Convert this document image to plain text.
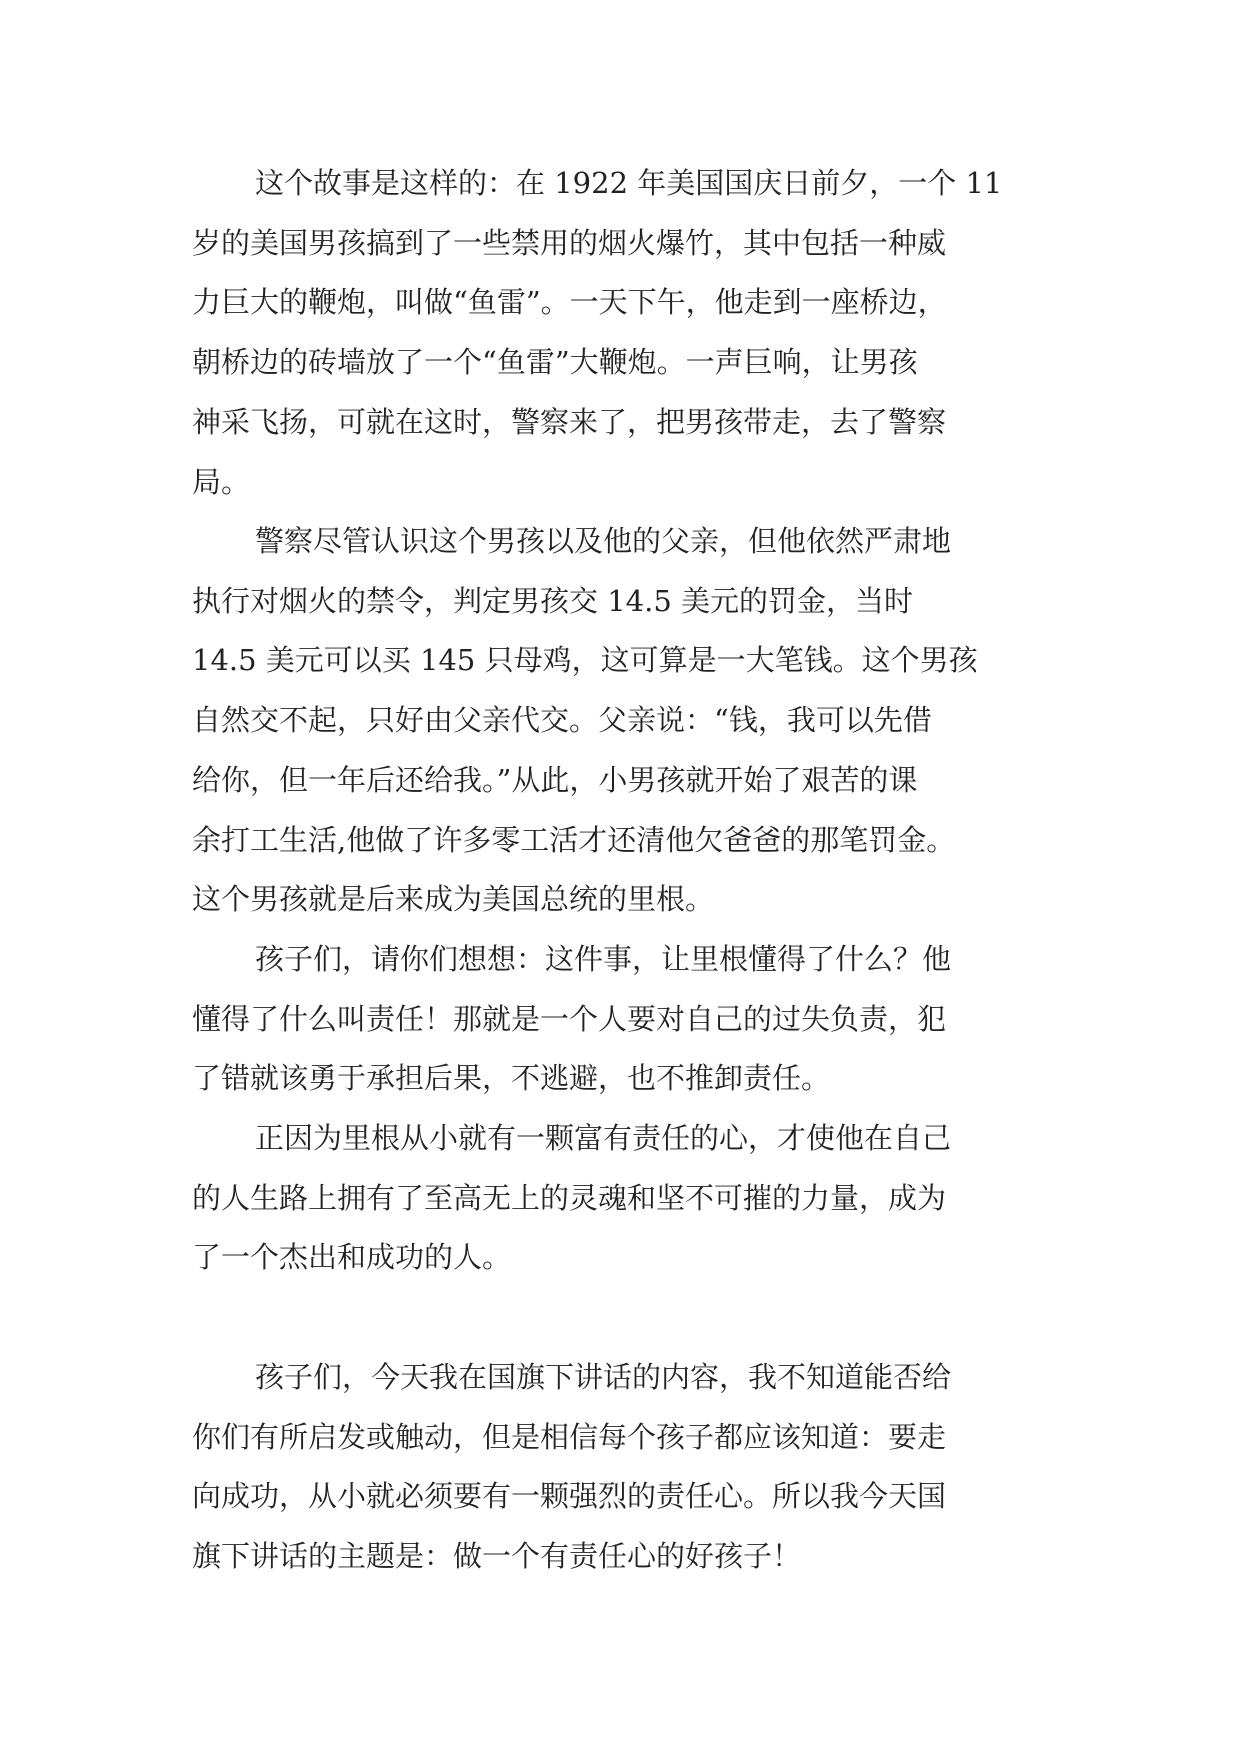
这个故事是这样的：在 1922 年美国国庆日前夕，一个 11
岁的美国男孩搞到了一些禁用的烟火爆竹，其中包括一种威
力巨大的鞭炮，叫做“鱼雷”。一天下午，他走到一座桥边，
朝桥边的砖墙放了一个“鱼雷”大鞭炮。一声巨响，让男孩
神采飞扬，可就在这时，警察来了，把男孩带走，去了警察
局。

警察尽管认识这个男孩以及他的父亲，但他依然严肃地
执行对烟火的禁令，判定男孩交 14.5 美元的罚金，当时
14.5 美元可以买 145 只母鸡，这可算是一大笔钱。这个男孩
自然交不起，只好由父亲代交。父亲说：“钱，我可以先借
给你，但一年后还给我。”从此，小男孩就开始了艰苦的课
余打工生活,他做了许多零工活才还清他欠爸爸的那笔罚金。
这个男孩就是后来成为美国总统的里根。

孩子们，请你们想想：这件事，让里根懂得了什么？他
懂得了什么叫责任！那就是一个人要对自己的过失负责，犯
了错就该勇于承担后果，不逃避，也不推卸责任。

正因为里根从小就有一颗富有责任的心，才使他在自己
的人生路上拥有了至高无上的灵魂和坚不可摧的力量，成为
了一个杰出和成功的人。

孩子们，今天我在国旗下讲话的内容，我不知道能否给
你们有所启发或触动，但是相信每个孩子都应该知道：要走
向成功，从小就必须要有一颗强烈的责任心。所以我今天国
旗下讲话的主题是：做一个有责任心的好孩子！
